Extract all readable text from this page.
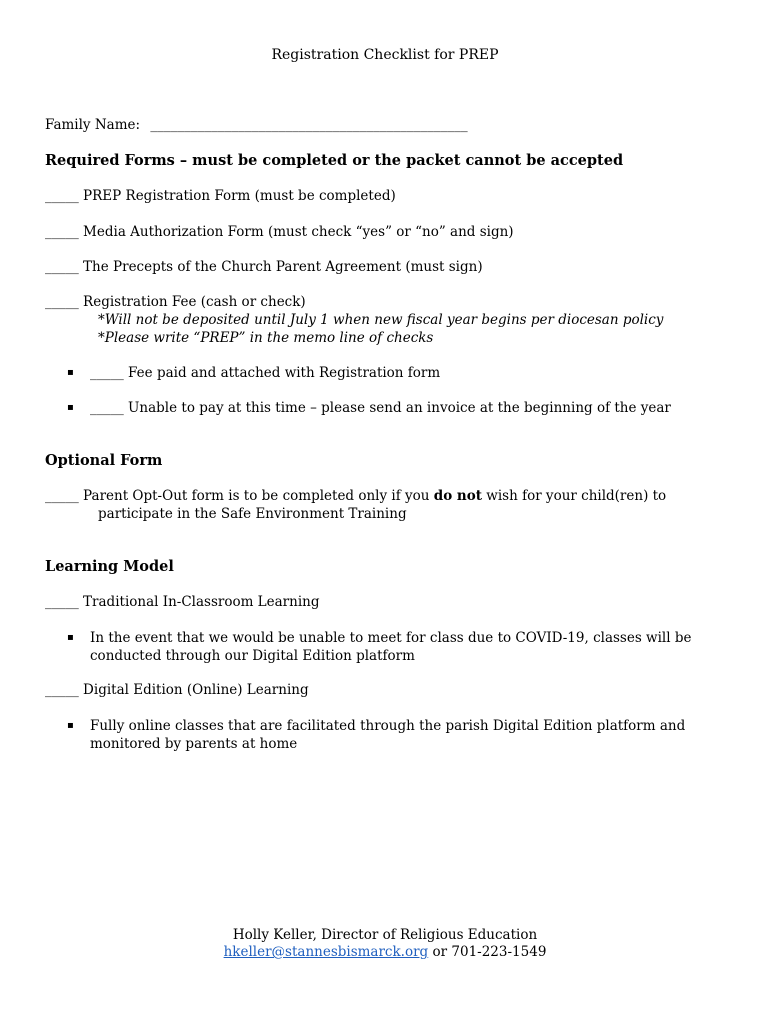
Registration Checklist for PREP
Family Name: _______________________________________________
Required Forms – must be completed or the packet cannot be accepted
_____ PREP Registration Form (must be completed)
_____ Media Authorization Form (must check “yes” or “no” and sign)
_____ The Precepts of the Church Parent Agreement (must sign)
_____ Registration Fee (cash or check)
*Will not be deposited until July 1 when new fiscal year begins per diocesan policy
*Please write “PREP” in the memo line of checks
▪ _____ Fee paid and attached with Registration form
▪ _____ Unable to pay at this time – please send an invoice at the beginning of the year
Optional Form
_____ Parent Opt-Out form is to be completed only if you do not wish for your child(ren) to
participate in the Safe Environment Training
Learning Model
_____ Traditional In-Classroom Learning
▪ In the event that we would be unable to meet for class due to COVID-19, classes will be
conducted through our Digital Edition platform
_____ Digital Edition (Online) Learning
▪ Fully online classes that are facilitated through the parish Digital Edition platform and
monitored by parents at home
Holly Keller, Director of Religious Education
hkeller@stannesbismarck.org or 701-223-1549
